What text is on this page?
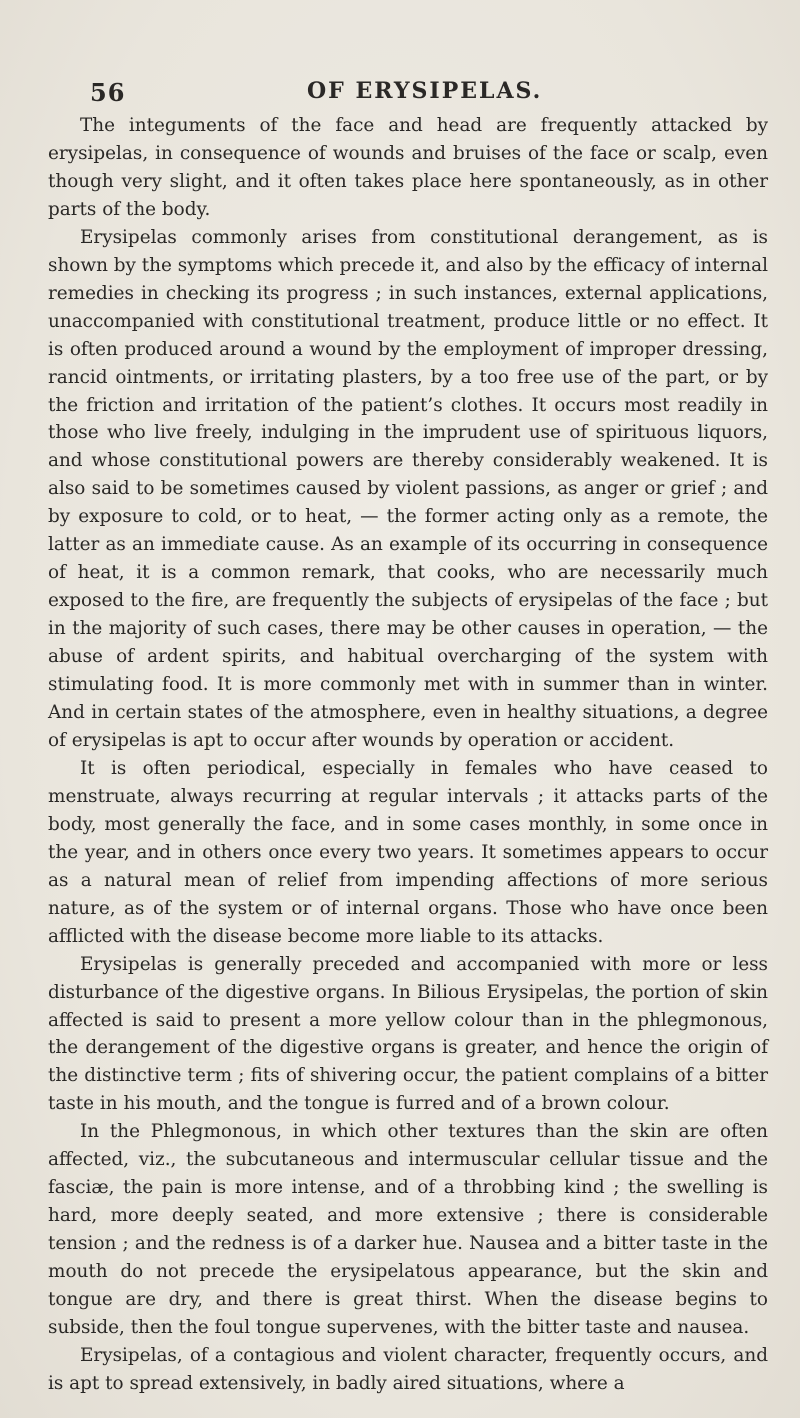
56	OF ERYSIPELAS.

The integuments of the face and head are frequently attacked by erysipelas, in consequence of wounds and bruises of the face or scalp, even though very slight, and it often takes place here spontaneously, as in other parts of the body.

Erysipelas commonly arises from constitutional derangement, as is shown by the symptoms which precede it, and also by the efficacy of internal remedies in checking its progress ; in such instances, external applications, unaccompanied with constitutional treatment, produce little or no effect. It is often produced around a wound by the employment of improper dressing, rancid ointments, or irritating plasters, by a too free use of the part, or by the friction and irritation of the patient’s clothes. It occurs most readily in those who live freely, indulging in the imprudent use of spirituous liquors, and whose constitutional powers are thereby considerably weakened. It is also said to be sometimes caused by violent passions, as anger or grief ; and by exposure to cold, or to heat, — the former acting only as a remote, the latter as an immediate cause. As an example of its occurring in consequence of heat, it is a common remark, that cooks, who are necessarily much exposed to the fire, are frequently the subjects of erysipelas of the face ; but in the majority of such cases, there may be other causes in operation, — the abuse of ardent spirits, and habitual overcharging of the system with stimulating food. It is more commonly met with in summer than in winter. And in certain states of the atmosphere, even in healthy situations, a degree of erysipelas is apt to occur after wounds by operation or accident.

It is often periodical, especially in females who have ceased to menstruate, always recurring at regular intervals ; it attacks parts of the body, most generally the face, and in some cases monthly, in some once in the year, and in others once every two years. It sometimes appears to occur as a natural mean of relief from impending affections of more serious nature, as of the system or of internal organs. Those who have once been afflicted with the disease become more liable to its attacks.

Erysipelas is generally preceded and accompanied with more or less disturbance of the digestive organs. In Bilious Erysipelas, the portion of skin affected is said to present a more yellow colour than in the phlegmonous, the derangement of the digestive organs is greater, and hence the origin of the distinctive term ; fits of shivering occur, the patient complains of a bitter taste in his mouth, and the tongue is furred and of a brown colour.

In the Phlegmonous, in which other textures than the skin are often affected, viz., the subcutaneous and intermuscular cellular tissue and the fasciæ, the pain is more intense, and of a throbbing kind ; the swelling is hard, more deeply seated, and more extensive ; there is considerable tension ; and the redness is of a darker hue. Nausea and a bitter taste in the mouth do not precede the erysipelatous appearance, but the skin and tongue are dry, and there is great thirst. When the disease begins to subside, then the foul tongue supervenes, with the bitter taste and nausea.

Erysipelas, of a contagious and violent character, frequently occurs, and is apt to spread extensively, in badly aired situations, where a
